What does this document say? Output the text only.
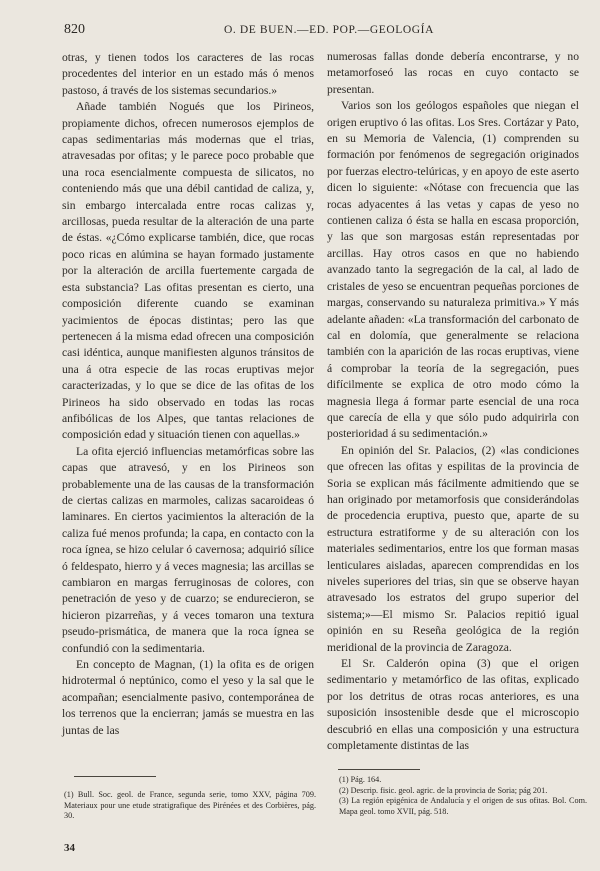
820	O. DE BUEN.—ED. POP.—GEOLOGÍA

otras, y tienen todos los caracteres de las rocas procedentes del interior en un estado más ó menos pastoso, á través de los sistemas secundarios.»

Añade también Nogués que los Pirineos, propiamente dichos, ofrecen numerosos ejemplos de capas sedimentarias más modernas que el trias, atravesadas por ofitas; y le parece poco probable que una roca esencialmente compuesta de silicatos, no conteniendo más que una débil cantidad de caliza, y, sin embargo intercalada entre rocas calizas y, arcillosas, pueda resultar de la alteración de una parte de éstas. «¿Cómo explicarse también, dice, que rocas poco ricas en alúmina se hayan formado justamente por la alteración de arcilla fuertemente cargada de esta substancia? Las ofitas presentan es cierto, una composición diferente cuando se examinan yacimientos de épocas distintas; pero las que pertenecen á la misma edad ofrecen una composición casi idéntica, aunque manifiesten algunos tránsitos de una á otra especie de las rocas eruptivas mejor caracterizadas, y lo que se dice de las ofitas de los Pirineos ha sido observado en todas las rocas anfibólicas de los Alpes, que tantas relaciones de composición edad y situación tienen con aquellas.»

La ofita ejerció influencias metamórficas sobre las capas que atravesó, y en los Pirineos son probablemente una de las causas de la transformación de ciertas calizas en marmoles, calizas sacaroideas ó laminares. En ciertos yacimientos la alteración de la caliza fué menos profunda; la capa, en contacto con la roca ígnea, se hizo celular ó cavernosa; adquirió sílice ó feldespato, hierro y á veces magnesia; las arcillas se cambiaron en margas ferruginosas de colores, con penetración de yeso y de cuarzo; se endurecieron, se hicieron pizarreñas, y á veces tomaron una textura pseudo-prismática, de manera que la roca ígnea se confundió con la sedimentaria.

En concepto de Magnan, (1) la ofita es de origen hidrotermal ó neptúnico, como el yeso y la sal que le acompañan; esencialmente pasivo, contemporánea de los terrenos que la encierran; jamás se muestra en las juntas de las

numerosas fallas donde debería encontrarse, y no metamorfoseó las rocas en cuyo contacto se presentan.

Varios son los geólogos españoles que niegan el origen eruptivo ó las ofitas. Los Sres. Cortázar y Pato, en su Memoria de Valencia, (1) comprenden su formación por fenómenos de segregación originados por fuerzas electro-telúricas, y en apoyo de este aserto dicen lo siguiente: «Nótase con frecuencia que las rocas adyacentes á las vetas y capas de yeso no contienen caliza ó ésta se halla en escasa proporción, y las que son margosas están representadas por arcillas. Hay otros casos en que no habiendo avanzado tanto la segregación de la cal, al lado de cristales de yeso se encuentran pequeñas porciones de margas, conservando su naturaleza primitiva.» Y más adelante añaden: «La transformación del carbonato de cal en dolomía, que generalmente se relaciona también con la aparición de las rocas eruptivas, viene á comprobar la teoría de la segregación, pues difícilmente se explica de otro modo cómo la magnesia llega á formar parte esencial de una roca que carecía de ella y que sólo pudo adquirirla con posterioridad á su sedimentación.»

En opinión del Sr. Palacios, (2) «las condiciones que ofrecen las ofitas y espilitas de la provincia de Soria se explican más fácilmente admitiendo que se han originado por metamorfosis que considerándolas de procedencia eruptiva, puesto que, aparte de su estructura estratiforme y de su alteración con los materiales sedimentarios, entre los que forman masas lenticulares aisladas, aparecen comprendidas en los niveles superiores del trias, sin que se observe hayan atravesado los estratos del grupo superior del sistema;»—El mismo Sr. Palacios repitió igual opinión en su Reseña geológica de la región meridional de la provincia de Zaragoza.

El Sr. Calderón opina (3) que el origen sedimentario y metamórfico de las ofitas, explicado por los detritus de otras rocas anteriores, es una suposición insostenible desde que el microscopio descubrió en ellas una composición y una estructura completamente distintas de las

(1) Bull. Soc. geol. de France, segunda serie, tomo XXV, página 709. Materiaux pour une etude stratigrafique des Pirénées et des Corbières, pág. 30.
(1) Pág. 164.
(2) Descrip. fisic. geol. agric. de la provincia de Soria; pág 201.
(3) La región epigénica de Andalucía y el origen de sus ofitas. Bol. Com. Mapa geol. tomo XVII, pág. 518.
34
